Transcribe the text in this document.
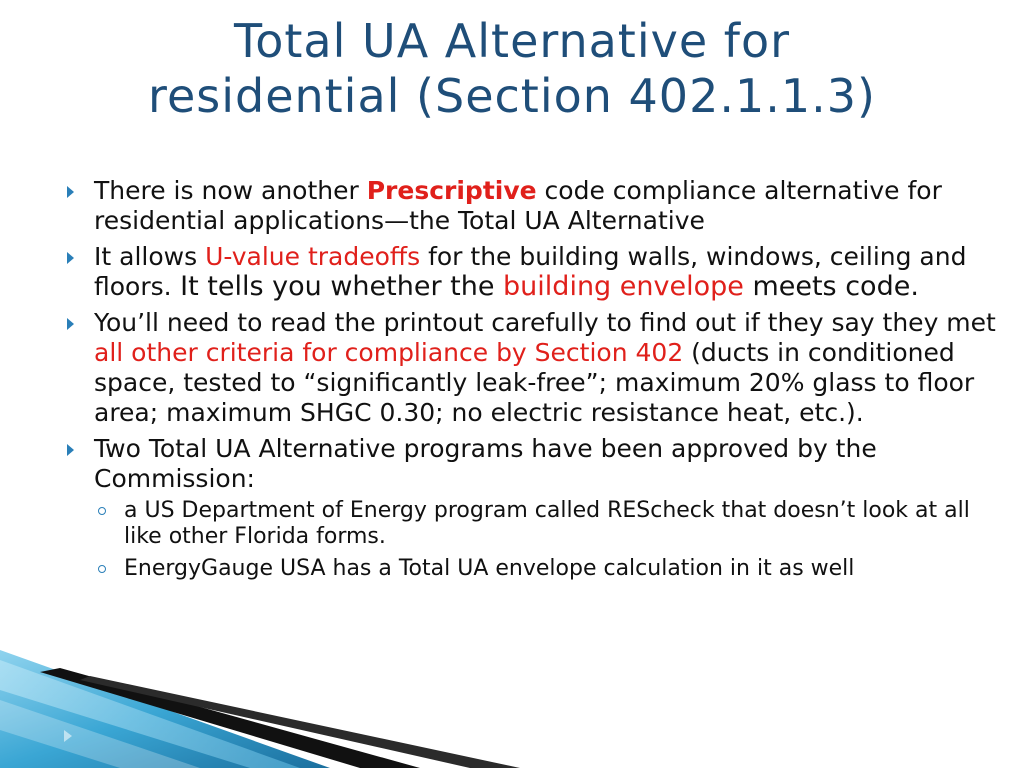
Total UA Alternative for
residential (Section 402.1.1.3)
There is now another Prescriptive code compliance alternative for residential applications—the Total UA Alternative
It allows U-value tradeoffs for the building walls, windows, ceiling and floors. It tells you whether the building envelope meets code.
You’ll need to read the printout carefully to find out if they say they met all other criteria for compliance by Section 402 (ducts in conditioned space, tested to “significantly leak-free”; maximum 20% glass to floor area; maximum SHGC 0.30; no electric resistance heat, etc.).
Two Total UA Alternative programs have been approved by the Commission:
a US Department of Energy program called REScheck that doesn’t look at all like other Florida forms.
EnergyGauge USA has a Total UA envelope calculation in it as well
